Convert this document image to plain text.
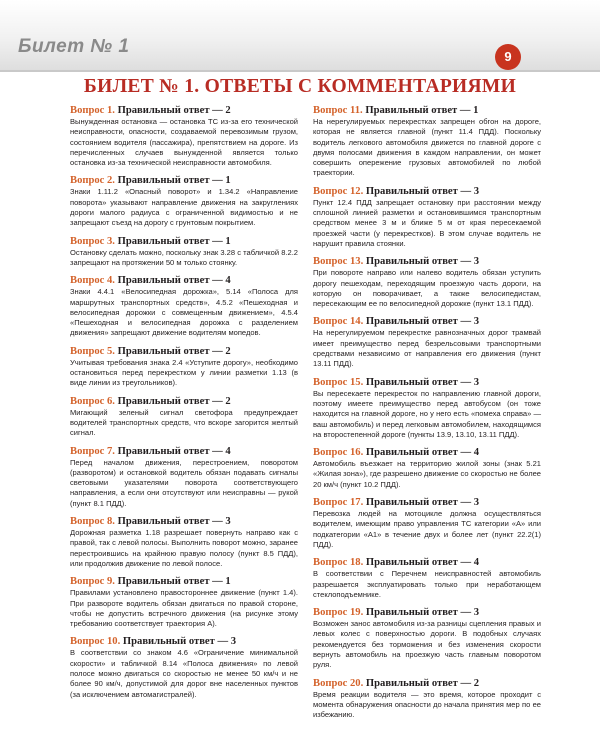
Билет № 1	9
БИЛЕТ № 1. ОТВЕТЫ С КОММЕНТАРИЯМИ

Вопрос 1. Правильный ответ — 2

Вынужденная остановка — остановка ТС из-за его технической неисправности, опасности, создаваемой перевозимым грузом, состоянием водителя (пассажира), препятствием на дороге. Из перечисленных случаев вынужденной является только остановка из-за технической неисправности автомобиля.

Вопрос 2. Правильный ответ — 1

Знаки 1.11.2 «Опасный поворот» и 1.34.2 «Направление поворота» указывают направление движения на закруглениях дороги малого радиуса с ограниченной видимостью и не запрещают съезд на дорогу с грунтовым покрытием.

Вопрос 3. Правильный ответ — 1

Остановку сделать можно, поскольку знак 3.28 с табличкой 8.2.2 запрещают на протяжении 50 м только стоянку.

Вопрос 4. Правильный ответ — 4

Знаки 4.4.1 «Велосипедная дорожка», 5.14 «Полоса для маршрутных транспортных средств», 4.5.2 «Пешеходная и велосипедная дорожки с совмещенным движением», 4.5.4 «Пешеходная и велосипедная дорожка с разделением движения» запрещают движение водителям мопедов.

Вопрос 5. Правильный ответ — 2

Учитывая требования знака 2.4 «Уступите дорогу», необходимо остановиться перед перекрестком у линии разметки 1.13 (в виде линии из треугольников).

Вопрос 6. Правильный ответ — 2

Мигающий зеленый сигнал светофора предупреждает водителей транспортных средств, что вскоре загорится желтый сигнал.

Вопрос 7. Правильный ответ — 4

Перед началом движения, перестроением, поворотом (разворотом) и остановкой водитель обязан подавать сигналы световыми указателями поворота соответствующего направления, а если они отсутствуют или неисправны — рукой (пункт 8.1 ПДД).

Вопрос 8. Правильный ответ — 3

Дорожная разметка 1.18 разрешает повернуть направо как с правой, так с левой полосы. Выполнить поворот можно, заранее перестроившись на крайнюю правую полосу (пункт 8.5 ПДД), или продолжив движение по левой полосе.

Вопрос 9. Правильный ответ — 1

Правилами установлено правостороннее движение (пункт 1.4). При развороте водитель обязан двигаться по правой стороне, чтобы не допустить встречного движения (на рисунке этому требованию соответствует траектория А).

Вопрос 10. Правильный ответ — 3

В соответствии со знаком 4.6 «Ограничение минимальной скорости» и табличкой 8.14 «Полоса движения» по левой полосе можно двигаться со скоростью не менее 50 км/ч и не более 90 км/ч, допустимой для дорог вне населенных пунктов (за исключением автомагистралей).

Вопрос 11. Правильный ответ — 1

На нерегулируемых перекрестках запрещен обгон на дороге, которая не является главной (пункт 11.4 ПДД). Поскольку водитель легкового автомобиля движется по главной дороге с двумя полосами движения в каждом направлении, он может совершить опережение грузовых автомобилей по любой траектории.

Вопрос 12. Правильный ответ — 3

Пункт 12.4 ПДД запрещает остановку при расстоянии между сплошной линией разметки и остановившимся транспортным средством менее 3 м и ближе 5 м от края пересекаемой проезжей части (у перекрестков). В этом случае водитель не нарушит правила стоянки.

Вопрос 13. Правильный ответ — 3

При повороте направо или налево водитель обязан уступить дорогу пешеходам, переходящим проезжую часть дороги, на которую он поворачивает, а также велосипедистам, пересекающим ее по велосипедной дорожке (пункт 13.1 ПДД).

Вопрос 14. Правильный ответ — 3

На нерегулируемом перекрестке равнозначных дорог трамвай имеет преимущество перед безрельсовыми транспортными средствами независимо от направления его движения (пункт 13.11 ПДД).

Вопрос 15. Правильный ответ — 3

Вы пересекаете перекресток по направлению главной дороги, поэтому имеете преимущество перед автобусом (он тоже находится на главной дороге, но у него есть «помеха справа» — ваш автомобиль) и перед легковым автомобилем, находящимся на второстепенной дороге (пункты 13.9, 13.10, 13.11 ПДД).

Вопрос 16. Правильный ответ — 4

Автомобиль въезжает на территорию жилой зоны (знак 5.21 «Жилая зона»), где разрешено движение со скоростью не более 20 км/ч (пункт 10.2 ПДД).

Вопрос 17. Правильный ответ — 3

Перевозка людей на мотоцикле должна осуществляться водителем, имеющим право управления ТС категории «А» или подкатегории «А1» в течение двух и более лет (пункт 22.2(1) ПДД).

Вопрос 18. Правильный ответ — 4

В соответствии с Перечнем неисправностей автомобиль разрешается эксплуатировать только при неработающем стеклоподъемнике.

Вопрос 19. Правильный ответ — 3

Возможен занос автомобиля из-за разницы сцепления правых и левых колес с поверхностью дороги. В подобных случаях рекомендуется без торможения и без изменения скорости вернуть автомобиль на проезжую часть главным поворотом руля.

Вопрос 20. Правильный ответ — 2

Время реакции водителя — это время, которое проходит с момента обнаружения опасности до начала принятия мер по ее избежанию.
